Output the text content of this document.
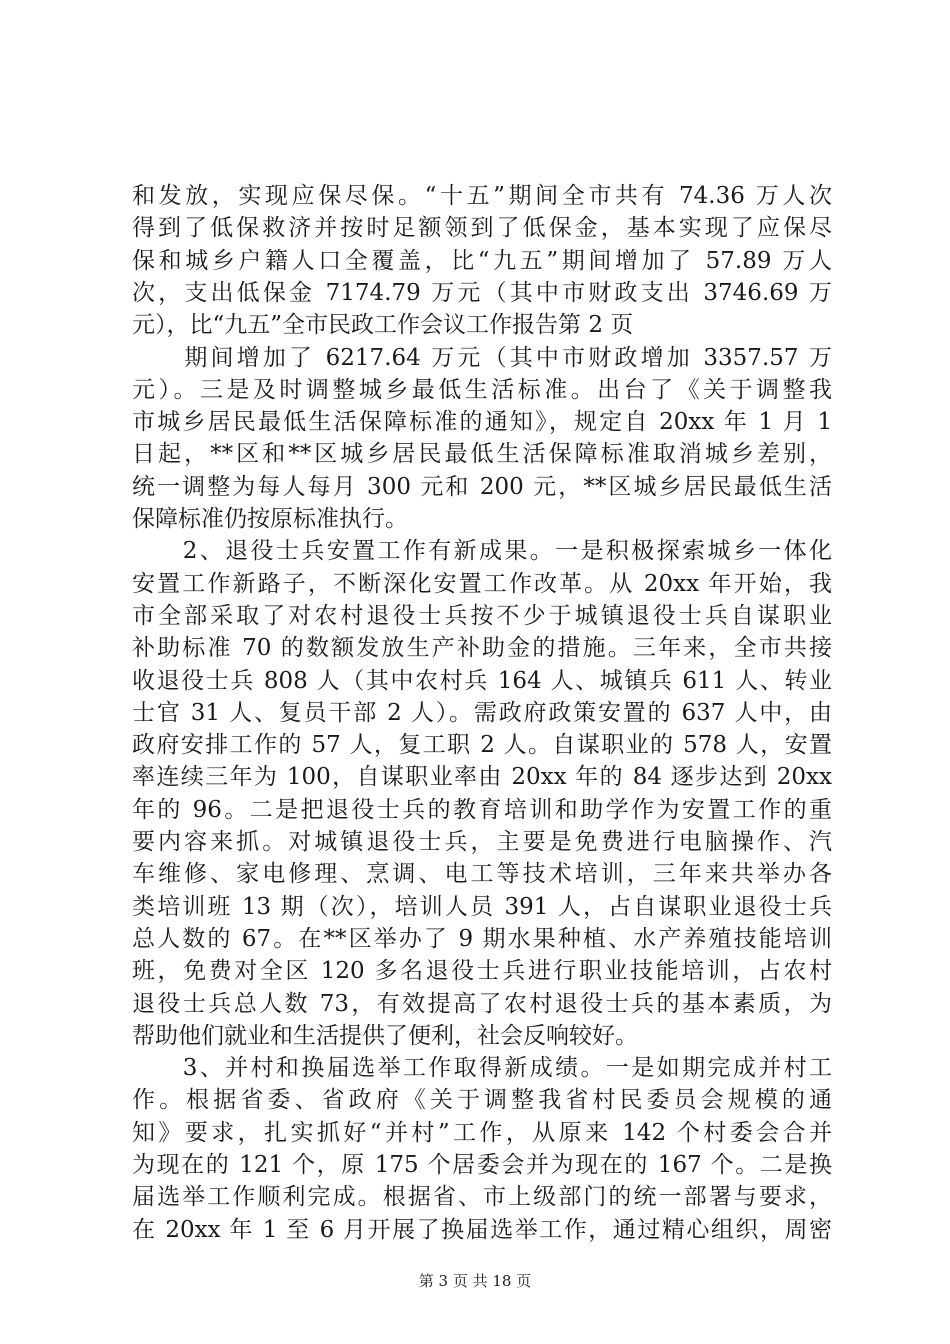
和发放，实现应保尽保。“十五”期间全市共有 74.36 万人次
得到了低保救济并按时足额领到了低保金，基本实现了应保尽
保和城乡户籍人口全覆盖，比“九五”期间增加了 57.89 万人
次，支出低保金 7174.79 万元（其中市财政支出 3746.69 万
元），比“九五”全市民政工作会议工作报告第 2 页
　　期间增加了 6217.64 万元（其中市财政增加 3357.57 万
元）。三是及时调整城乡最低生活标准。出台了《关于调整我
市城乡居民最低生活保障标准的通知》，规定自 20xx 年 1 月 1
日起，**区和**区城乡居民最低生活保障标准取消城乡差别，
统一调整为每人每月 300 元和 200 元，**区城乡居民最低生活
保障标准仍按原标准执行。
　　2、退役士兵安置工作有新成果。一是积极探索城乡一体化
安置工作新路子，不断深化安置工作改革。从 20xx 年开始，我
市全部采取了对农村退役士兵按不少于城镇退役士兵自谋职业
补助标准 70 的数额发放生产补助金的措施。三年来，全市共接
收退役士兵 808 人（其中农村兵 164 人、城镇兵 611 人、转业
士官 31 人、复员干部 2 人）。需政府政策安置的 637 人中，由
政府安排工作的 57 人，复工职 2 人。自谋职业的 578 人，安置
率连续三年为 100，自谋职业率由 20xx 年的 84 逐步达到 20xx
年的 96。二是把退役士兵的教育培训和助学作为安置工作的重
要内容来抓。对城镇退役士兵，主要是免费进行电脑操作、汽
车维修、家电修理、烹调、电工等技术培训，三年来共举办各
类培训班 13 期（次），培训人员 391 人，占自谋职业退役士兵
总人数的 67。在**区举办了 9 期水果种植、水产养殖技能培训
班，免费对全区 120 多名退役士兵进行职业技能培训，占农村
退役士兵总人数 73，有效提高了农村退役士兵的基本素质，为
帮助他们就业和生活提供了便利，社会反响较好。
　　3、并村和换届选举工作取得新成绩。一是如期完成并村工
作。根据省委、省政府《关于调整我省村民委员会规模的通
知》要求，扎实抓好“并村”工作，从原来 142 个村委会合并
为现在的 121 个，原 175 个居委会并为现在的 167 个。二是换
届选举工作顺利完成。根据省、市上级部门的统一部署与要求，
在 20xx 年 1 至 6 月开展了换届选举工作，通过精心组织，周密
第 3 页 共 18 页
